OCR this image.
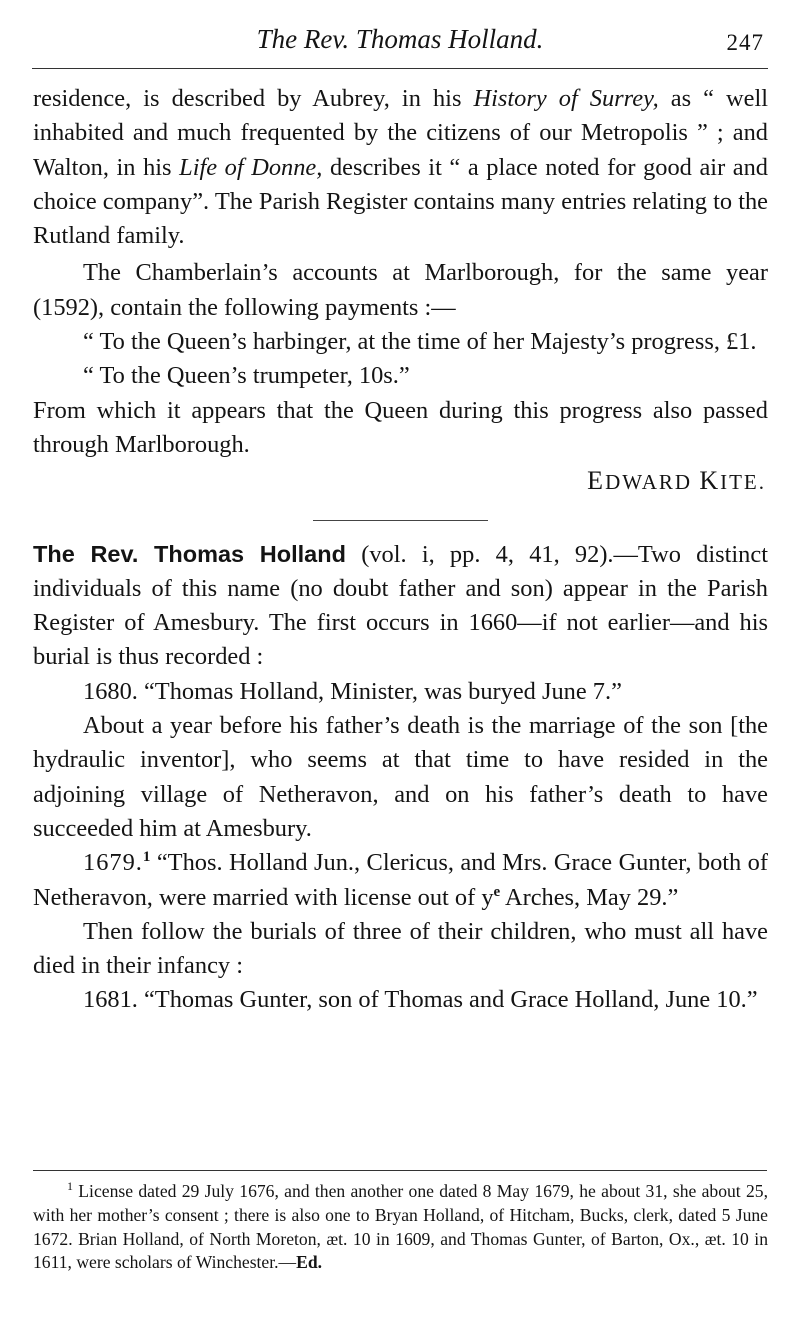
The Rev. Thomas Holland.	247

residence, is described by Aubrey, in his History of Surrey, as “ well inhabited and much frequented by the citizens of our Metropolis ” ; and Walton, in his Life of Donne, describes it “ a place noted for good air and choice company”. The Parish Register contains many entries relating to the Rutland family.

The Chamberlain’s accounts at Marlborough, for the same year (1592), contain the following payments :—

“ To the Queen’s harbinger, at the time of her Majesty’s progress, £1.

“ To the Queen’s trumpeter, 10s.”

From which it appears that the Queen during this progress also passed through Marlborough.

EDWARD KITE.

The Rev. Thomas Holland (vol. i, pp. 4, 41, 92).—Two distinct individuals of this name (no doubt father and son) appear in the Parish Register of Amesbury. The first occurs in 1660—if not earlier—and his burial is thus recorded :

1680. “Thomas Holland, Minister, was buryed June 7.”

About a year before his father’s death is the marriage of the son [the hydraulic inventor], who seems at that time to have resided in the adjoining village of Netheravon, and on his father’s death to have succeeded him at Amesbury.

1679.$^1$ “Thos. Holland Jun., Clericus, and Mrs. Grace Gunter, both of Netheravon, were married with license out of $y^e$ Arches, May 29.”

Then follow the burials of three of their children, who must all have died in their infancy :

1681. “Thomas Gunter, son of Thomas and Grace Holland, June 10.”

$^1$ License dated 29 July 1676, and then another one dated 8 May 1679, he about 31, she about 25, with her mother’s consent ; there is also one to Bryan Holland, of Hitcham, Bucks, clerk, dated 5 June 1672. Brian Holland, of North Moreton, æt. 10 in 1609, and Thomas Gunter, of Barton, Ox., æt. 10 in 1611, were scholars of Winchester.—Ed.
